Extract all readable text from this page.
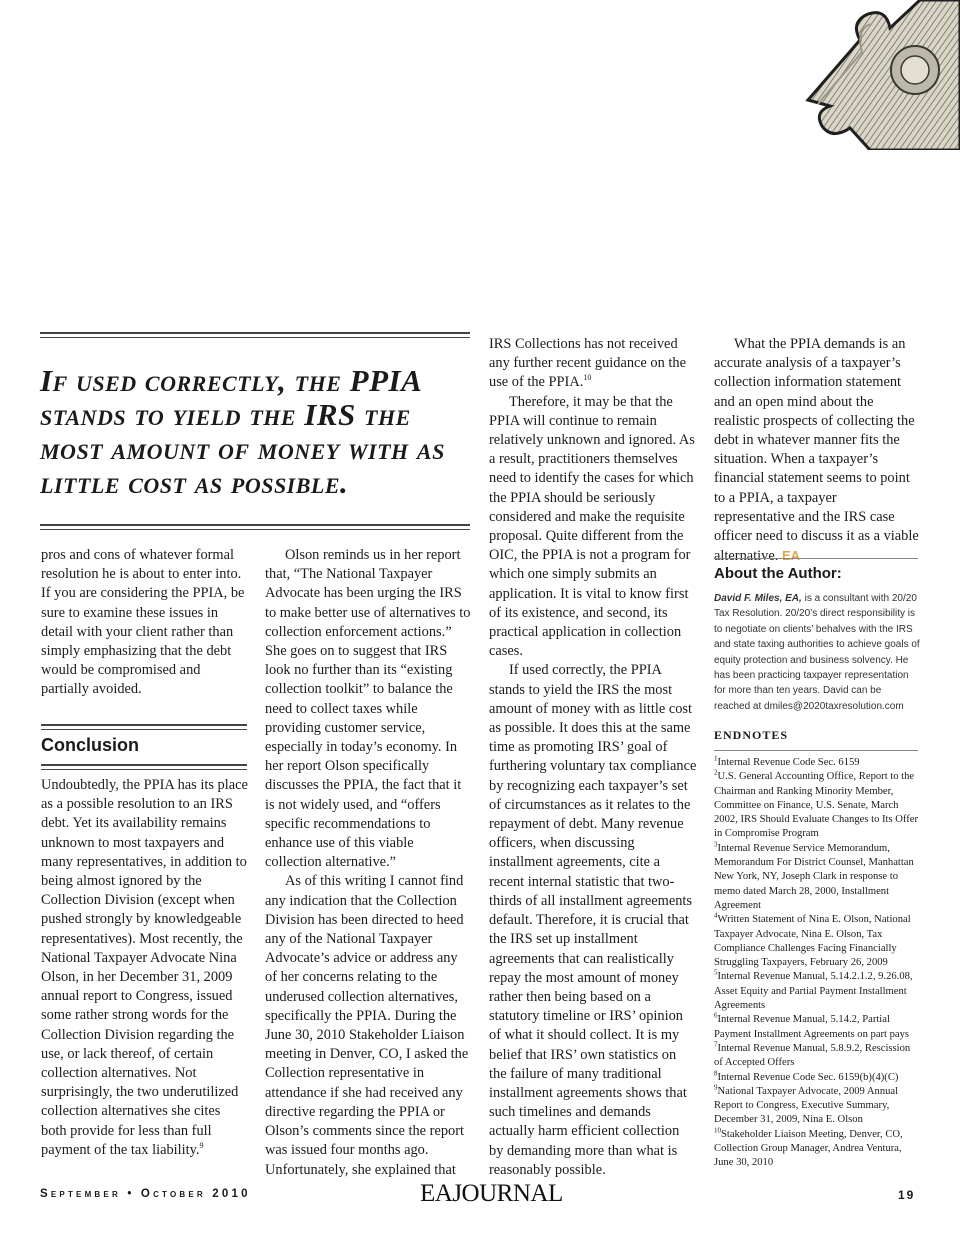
If used correctly, the PPIA stands to yield the IRS the most amount of money with as little cost as possible.

pros and cons of whatever formal resolution he is about to enter into. If you are considering the PPIA, be sure to examine these issues in detail with your client rather than simply emphasizing that the debt would be compromised and partially avoided.

Conclusion

Undoubtedly, the PPIA has its place as a possible resolution to an IRS debt. Yet its availability remains unknown to most taxpayers and many representatives, in addition to being almost ignored by the Collection Division (except when pushed strongly by knowledgeable representatives). Most recently, the National Taxpayer Advocate Nina Olson, in her December 31, 2009 annual report to Congress, issued some rather strong words for the Collection Division regarding the use, or lack thereof, of certain collection alternatives. Not surprisingly, the two underutilized collection alternatives she cites both provide for less than full payment of the tax liability.$^9$

Olson reminds us in her report that, “The National Taxpayer Advocate has been urging the IRS to make better use of alternatives to collection enforcement actions.” She goes on to suggest that IRS look no further than its “existing collection toolkit” to balance the need to collect taxes while providing customer service, especially in today’s economy. In her report Olson specifically discusses the PPIA, the fact that it is not widely used, and “offers specific recommendations to enhance use of this viable collection alternative.”

As of this writing I cannot find any indication that the Collection Division has been directed to heed any of the National Taxpayer Advocate’s advice or address any of her concerns relating to the underused collection alternatives, specifically the PPIA. During the June 30, 2010 Stakeholder Liaison meeting in Denver, CO, I asked the Collection representative in attendance if she had received any directive regarding the PPIA or Olson’s comments since the report was issued four months ago. Unfortunately, she explained that

IRS Collections has not received any further recent guidance on the use of the PPIA.$^{10}$

Therefore, it may be that the PPIA will continue to remain relatively unknown and ignored. As a result, practitioners themselves need to identify the cases for which the PPIA should be seriously considered and make the requisite proposal. Quite different from the OIC, the PPIA is not a program for which one simply submits an application. It is vital to know first of its existence, and second, its practical application in collection cases.

If used correctly, the PPIA stands to yield the IRS the most amount of money with as little cost as possible. It does this at the same time as promoting IRS’ goal of furthering voluntary tax compliance by recognizing each taxpayer’s set of circumstances as it relates to the repayment of debt. Many revenue officers, when discussing installment agreements, cite a recent internal statistic that two-thirds of all installment agreements default. Therefore, it is crucial that the IRS set up installment agreements that can realistically repay the most amount of money rather then being based on a statutory timeline or IRS’ opinion of what it should collect. It is my belief that IRS’ own statistics on the failure of many traditional installment agreements shows that such timelines and demands actually harm efficient collection by demanding more than what is reasonably possible.

What the PPIA demands is an accurate analysis of a taxpayer’s collection information statement and an open mind about the realistic prospects of collecting the debt in whatever manner fits the situation. When a taxpayer’s financial statement seems to point to a PPIA, a taxpayer representative and the IRS case officer need to discuss it as a viable alternative. EA

About the Author:
David F. Miles, EA, is a consultant with 20/20 Tax Resolution. 20/20’s direct responsibility is to negotiate on clients’ behalves with the IRS and state taxing authorities to achieve goals of equity protection and business solvency. He has been practicing taxpayer representation for more than ten years. David can be reached at dmiles@2020taxresolution.com
ENDNOTES

$^1$Internal Revenue Code Sec. 6159

$^2$U.S. General Accounting Office, Report to the Chairman and Ranking Minority Member, Committee on Finance, U.S. Senate, March 2002, IRS Should Evaluate Changes to Its Offer in Compromise Program

$^3$Internal Revenue Service Memorandum, Memorandum For District Counsel, Manhattan New York, NY, Joseph Clark in response to memo dated March 28, 2000, Installment Agreement

$^4$Written Statement of Nina E. Olson, National Taxpayer Advocate, Nina E. Olson, Tax Compliance Challenges Facing Financially Struggling Taxpayers, February 26, 2009

$^5$Internal Revenue Manual, 5.14.2.1.2, 9.26.08, Asset Equity and Partial Payment Installment Agreements

$^6$Internal Revenue Manual, 5.14.2, Partial Payment Installment Agreements on part pays

$^7$Internal Revenue Manual, 5.8.9.2, Rescission of Accepted Offers

$^8$Internal Revenue Code Sec. 6159(b)(4)(C)

$^9$National Taxpayer Advocate, 2009 Annual Report to Congress, Executive Summary, December 31, 2009, Nina E. Olson

$^{10}$Stakeholder Liaison Meeting, Denver, CO, Collection Group Manager, Andrea Ventura, June 30, 2010

September • October 2010	EAJOURNAL	19
